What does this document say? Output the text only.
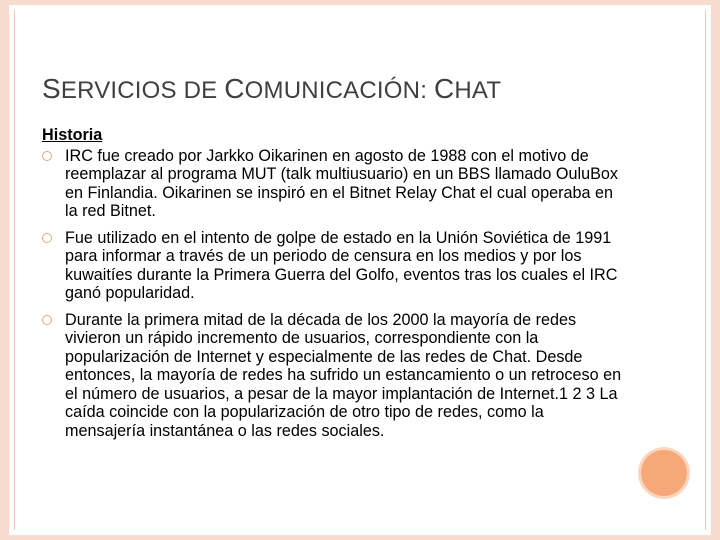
SERVICIOS DE COMUNICACIÓN: CHAT
Historia
IRC fue creado por Jarkko Oikarinen en agosto de 1988 con el motivo de reemplazar al programa MUT (talk multiusuario) en un BBS llamado OuluBox en Finlandia. Oikarinen se inspiró en el Bitnet Relay Chat el cual operaba en la red Bitnet.
Fue utilizado en el intento de golpe de estado en la Unión Soviética de 1991 para informar a través de un periodo de censura en los medios y por los kuwaitíes durante la Primera Guerra del Golfo, eventos tras los cuales el IRC ganó popularidad.
Durante la primera mitad de la década de los 2000 la mayoría de redes vivieron un rápido incremento de usuarios, correspondiente con la popularización de Internet y especialmente de las redes de Chat. Desde entonces, la mayoría de redes ha sufrido un estancamiento o un retroceso en el número de usuarios, a pesar de la mayor implantación de Internet.1 2 3 La caída coincide con la popularización de otro tipo de redes, como la mensajería instantánea o las redes sociales.
